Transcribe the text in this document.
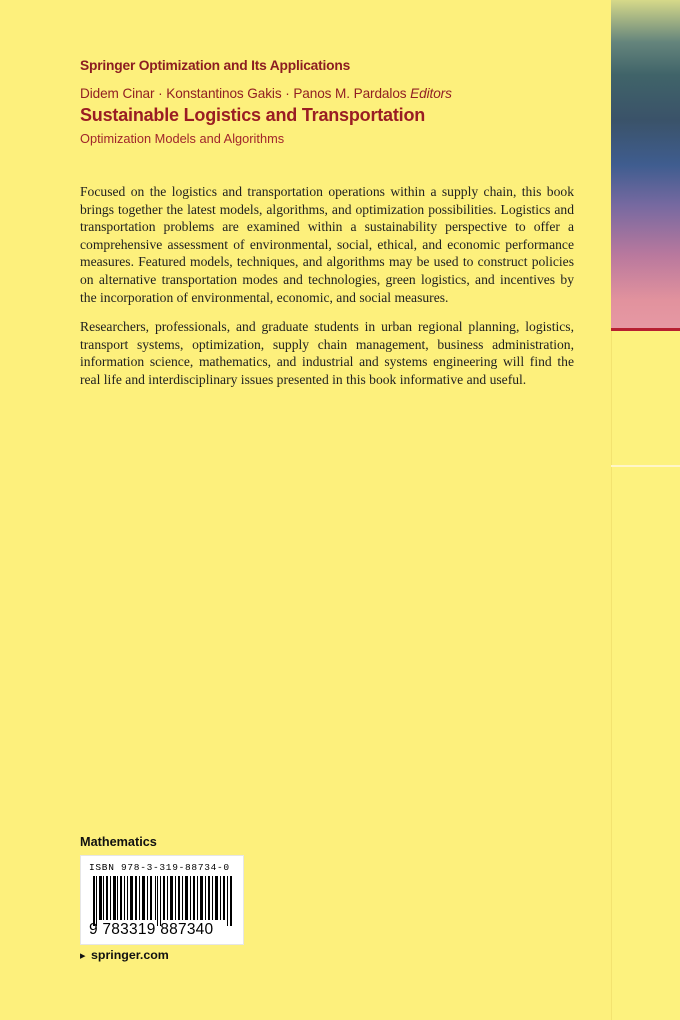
Springer Optimization and Its Applications
Didem Cinar · Konstantinos Gakis · Panos M. Pardalos Editors
Sustainable Logistics and Transportation
Optimization Models and Algorithms

Focused on the logistics and transportation operations within a supply chain, this book brings together the latest models, algorithms, and optimization possibilities. Logistics and transportation problems are examined within a sustainability perspective to offer a comprehensive assessment of environmental, social, ethical, and economic performance measures. Featured models, techniques, and algorithms may be used to construct policies on alternative transportation modes and technologies, green logistics, and incentives by the incorporation of environmental, economic, and social measures.

Researchers, professionals, and graduate students in urban regional planning, logistics, transport systems, optimization, supply chain management, business administration, information science, mathematics, and industrial and systems engineering will find the real life and interdisciplinary issues presented in this book informative and useful.

Mathematics
ISBN 978-3-319-88734-0
9 783319 887340
▸ springer.com
